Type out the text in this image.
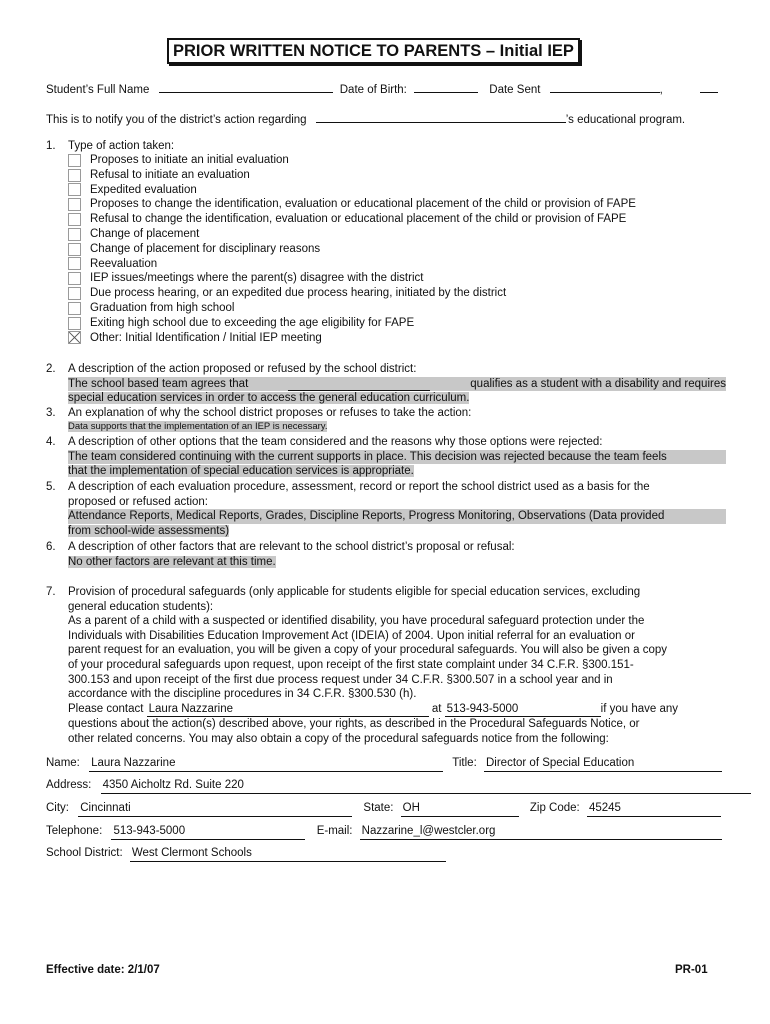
PRIOR WRITTEN NOTICE TO PARENTS – Initial IEP
Student’s Full Name	Date of Birth:	Date Sent	,
This is to notify you of the district’s action regarding	’s educational program.
1. Type of action taken:
Proposes to initiate an initial evaluation
Refusal to initiate an evaluation
Expedited evaluation
Proposes to change the identification, evaluation or educational placement of the child or provision of FAPE
Refusal to change the identification, evaluation or educational placement of the child or provision of FAPE
Change of placement
Change of placement for disciplinary reasons
Reevaluation
IEP issues/meetings where the parent(s) disagree with the district
Due process hearing, or an expedited due process hearing, initiated by the district
Graduation from high school
Exiting high school due to exceeding the age eligibility for FAPE
Other: Initial Identification / Initial IEP meeting
2. A description of the action proposed or refused by the school district:
The school based team agrees that	qualifies as a student with a disability and requires
special education services in order to access the general education curriculum.
3. An explanation of why the school district proposes or refuses to take the action:
Data supports that the implementation of an IEP is necessary.
4. A description of other options that the team considered and the reasons why those options were rejected:
The team considered continuing with the current supports in place. This decision was rejected because the team feels
that the implementation of special education services is appropriate.
5. A description of each evaluation procedure, assessment, record or report the school district used as a basis for the
proposed or refused action:
Attendance Reports, Medical Reports, Grades, Discipline Reports, Progress Monitoring, Observations (Data provided
from school-wide assessments)
6. A description of other factors that are relevant to the school district’s proposal or refusal:
No other factors are relevant at this time.
7. Provision of procedural safeguards (only applicable for students eligible for special education services, excluding
general education students):
As a parent of a child with a suspected or identified disability, you have procedural safeguard protection under the
Individuals with Disabilities Education Improvement Act (IDEIA) of 2004. Upon initial referral for an evaluation or
parent request for an evaluation, you will be given a copy of your procedural safeguards. You will also be given a copy
of your procedural safeguards upon request, upon receipt of the first state complaint under 34 C.F.R. §300.151-
300.153 and upon receipt of the first due process request under 34 C.F.R. §300.507 in a school year and in
accordance with the discipline procedures in 34 C.F.R. §300.530 (h).
Please contact Laura Nazzarine	at 513-943-5000	if you have any
questions about the action(s) described above, your rights, as described in the Procedural Safeguards Notice, or
other related concerns. You may also obtain a copy of the procedural safeguards notice from the following:
Name: Laura Nazzarine	Title: Director of Special Education
Address: 4350 Aicholtz Rd. Suite 220
City: Cincinnati	State: OH	Zip Code: 45245
Telephone: 513-943-5000	E-mail: Nazzarine_l@westcler.org
School District: West Clermont Schools
Effective date: 2/1/07	PR-01
